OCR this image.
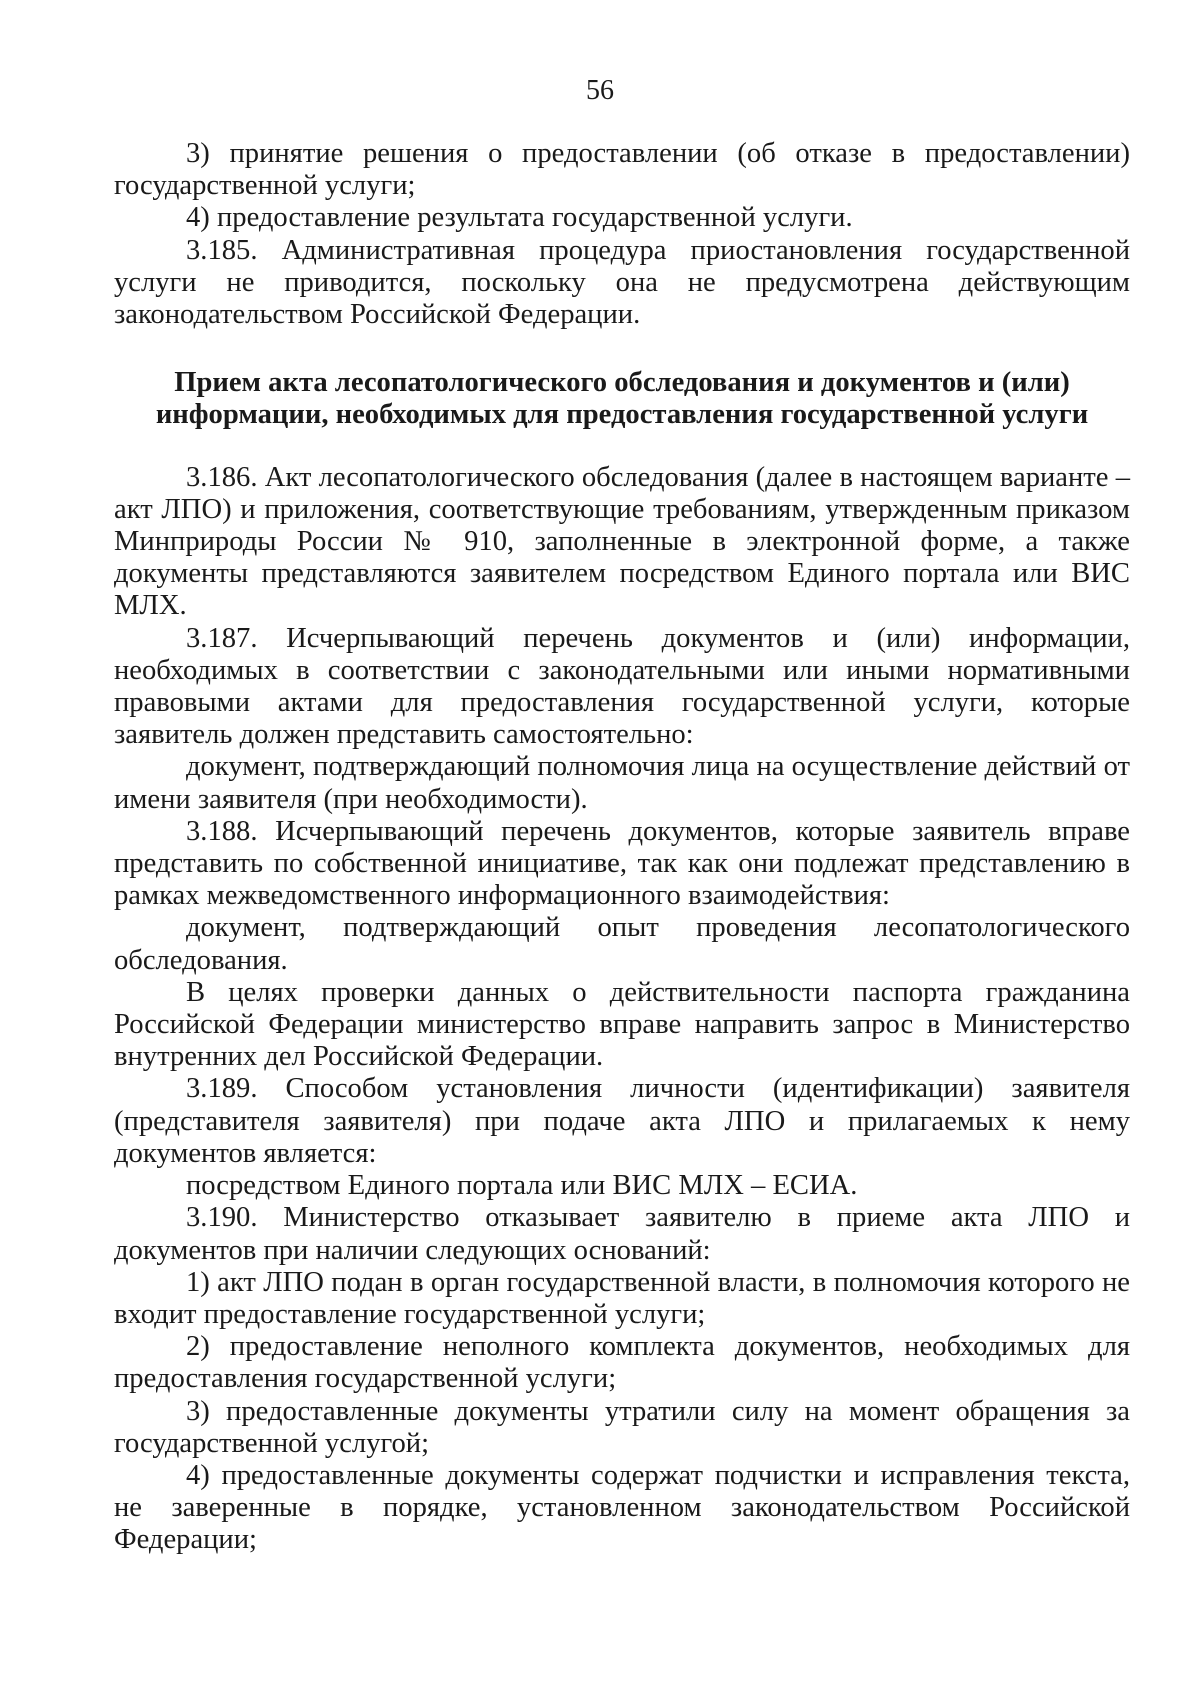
56

3) принятие решения о предоставлении (об отказе в предоставлении) государственной услуги;

4) предоставление результата государственной услуги.

3.185. Административная процедура приостановления государственной услуги не приводится, поскольку она не предусмотрена действующим законодательством Российской Федерации.

Прием акта лесопатологического обследования и документов и (или) информации, необходимых для предоставления государственной услуги

3.186. Акт лесопатологического обследования (далее в настоящем варианте – акт ЛПО) и приложения, соответствующие требованиям, утвержденным приказом Минприроды России № 910, заполненные в электронной форме, а также документы представляются заявителем посредством Единого портала или ВИС МЛХ.

3.187. Исчерпывающий перечень документов и (или) информации, необходимых в соответствии с законодательными или иными нормативными правовыми актами для предоставления государственной услуги, которые заявитель должен представить самостоятельно:

документ, подтверждающий полномочия лица на осуществление действий от имени заявителя (при необходимости).

3.188. Исчерпывающий перечень документов, которые заявитель вправе представить по собственной инициативе, так как они подлежат представлению в рамках межведомственного информационного взаимодействия:

документ, подтверждающий опыт проведения лесопатологического обследования.

В целях проверки данных о действительности паспорта гражданина Российской Федерации министерство вправе направить запрос в Министерство внутренних дел Российской Федерации.

3.189. Способом установления личности (идентификации) заявителя (представителя заявителя) при подаче акта ЛПО и прилагаемых к нему документов является:

посредством Единого портала или ВИС МЛХ – ЕСИА.

3.190. Министерство отказывает заявителю в приеме акта ЛПО и документов при наличии следующих оснований:

1) акт ЛПО подан в орган государственной власти, в полномочия которого не входит предоставление государственной услуги;

2) предоставление неполного комплекта документов, необходимых для предоставления государственной услуги;

3) предоставленные документы утратили силу на момент обращения за государственной услугой;

4) предоставленные документы содержат подчистки и исправления текста, не заверенные в порядке, установленном законодательством Российской Федерации;
